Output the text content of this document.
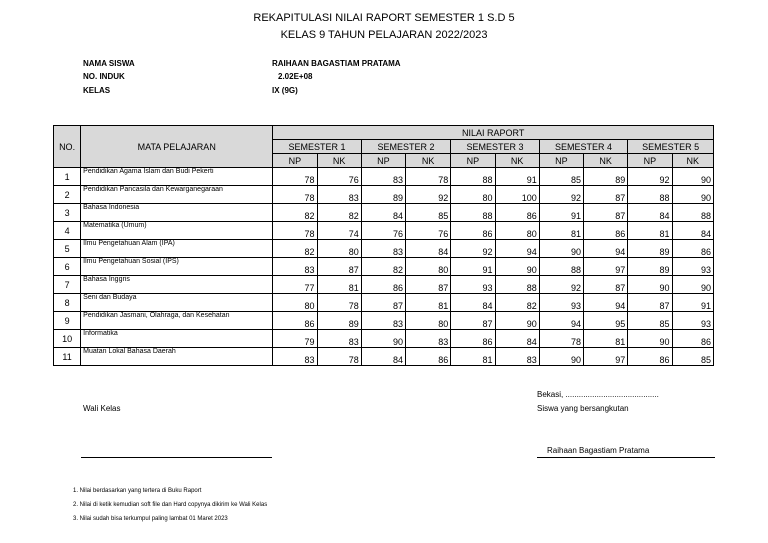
REKAPITULASI NILAI RAPORT SEMESTER 1 S.D 5
KELAS 9 TAHUN PELAJARAN 2022/2023
NAMA SISWA	RAIHAAN BAGASTIAM PRATAMA
NO. INDUK	2.02E+08
KELAS	IX (9G)
NO.	MATA PELAJARAN	NILAI RAPORT									
		SEMESTER 1		SEMESTER 2		SEMESTER 3		SEMESTER 4		SEMESTER 5	
		NP	NK	NP	NK	NP	NK	NP	NK	NP	NK
1	Pendidikan Agama Islam dan Budi Pekerti	78	76	83	78	88	91	85	89	92	90
2	Pendidikan Pancasila dan Kewarganegaraan	78	83	89	92	80	100	92	87	88	90
3	Bahasa Indonesia	82	82	84	85	88	86	91	87	84	88
4	Matematika (Umum)	78	74	76	76	86	80	81	86	81	84
5	Ilmu Pengetahuan Alam (IPA)	82	80	83	84	92	94	90	94	89	86
6	Ilmu Pengetahuan Sosial (IPS)	83	87	82	80	91	90	88	97	89	93
7	Bahasa Inggris	77	81	86	87	93	88	92	87	90	90
8	Seni dan Budaya	80	78	87	81	84	82	93	94	87	91
9	Pendidikan Jasmani, Olahraga, dan Kesehatan	86	89	83	80	87	90	94	95	85	93
10	Informatika	79	83	90	83	86	84	78	81	90	86
11	Muatan Lokal Bahasa Daerah	83	78	84	86	81	83	90	97	86	85
Wali Kelas
Bekasi, ..........................................
Siswa yang bersangkutan
Raihaan Bagastiam Pratama
1. Nilai berdasarkan yang tertera di Buku Raport
2. Nilai di ketik kemudian soft file dan Hard copynya dikirim ke Wali Kelas
3. Nilai sudah bisa terkumpul paling lambat 01 Maret 2023
